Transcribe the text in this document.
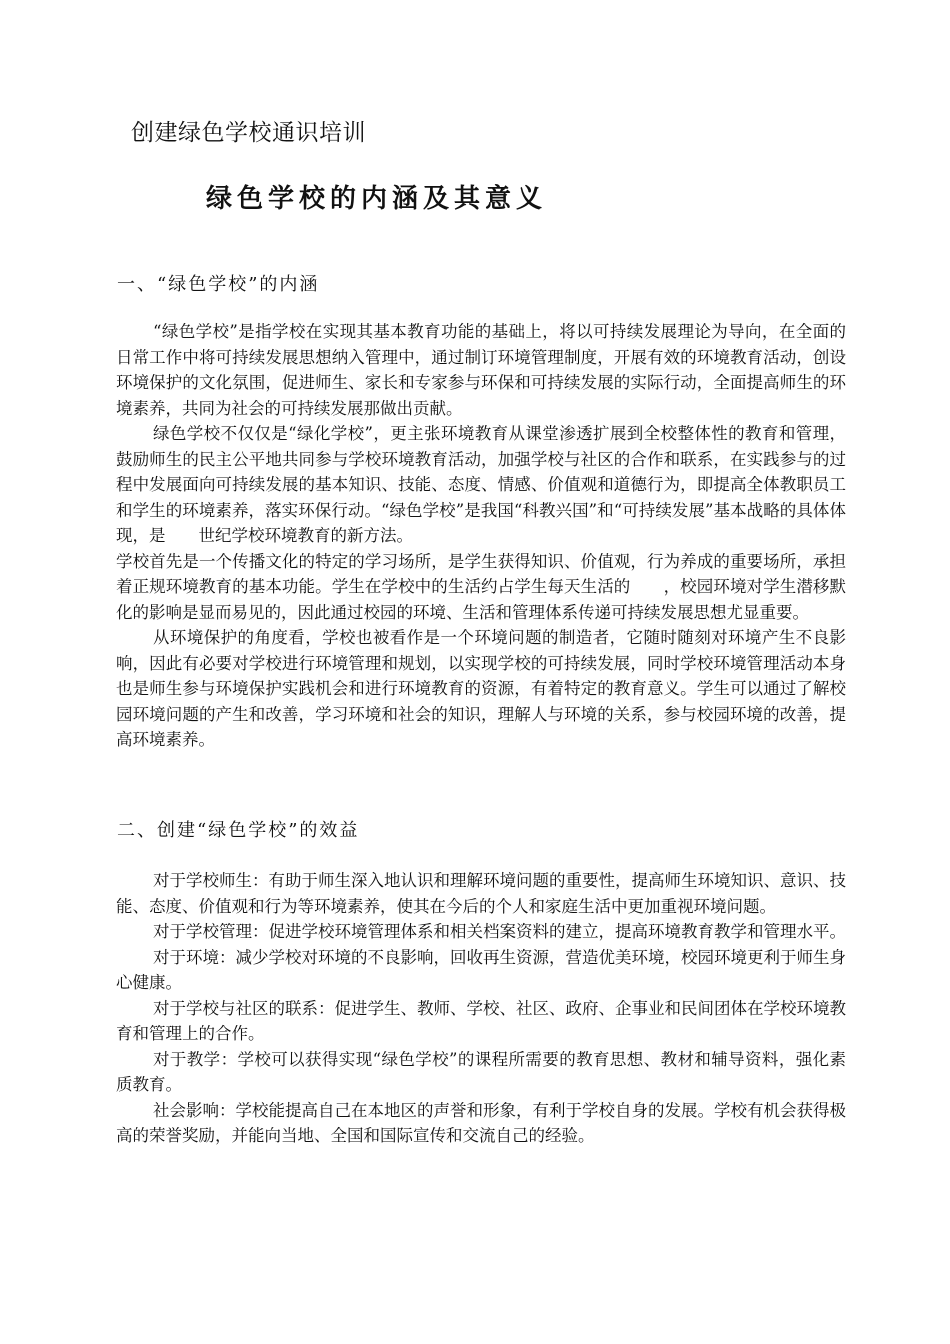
创建绿色学校通识培训
绿色学校的内涵及其意义
一、“绿色学校”的内涵

“绿色学校”是指学校在实现其基本教育功能的基础上，将以可持续发展理论为导向，在全面的日常工作中将可持续发展思想纳入管理中，通过制订环境管理制度，开展有效的环境教育活动，创设环境保护的文化氛围，促进师生、家长和专家参与环保和可持续发展的实际行动，全面提高师生的环境素养，共同为社会的可持续发展那做出贡献。

绿色学校不仅仅是“绿化学校”，更主张环境教育从课堂渗透扩展到全校整体性的教育和管理，鼓励师生的民主公平地共同参与学校环境教育活动，加强学校与社区的合作和联系，在实践参与的过程中发展面向可持续发展的基本知识、技能、态度、情感、价值观和道德行为，即提高全体教职员工和学生的环境素养，落实环保行动。“绿色学校”是我国“科教兴国”和“可持续发展”基本战略的具体体现，是　　世纪学校环境教育的新方法。

学校首先是一个传播文化的特定的学习场所，是学生获得知识、价值观，行为养成的重要场所，承担着正规环境教育的基本功能。学生在学校中的生活约占学生每天生活的　　，校园环境对学生潜移默化的影响是显而易见的，因此通过校园的环境、生活和管理体系传递可持续发展思想尤显重要。

从环境保护的角度看，学校也被看作是一个环境问题的制造者，它随时随刻对环境产生不良影响，因此有必要对学校进行环境管理和规划，以实现学校的可持续发展，同时学校环境管理活动本身也是师生参与环境保护实践机会和进行环境教育的资源，有着特定的教育意义。学生可以通过了解校园环境问题的产生和改善，学习环境和社会的知识，理解人与环境的关系，参与校园环境的改善，提高环境素养。

二、创建“绿色学校”的效益

对于学校师生：有助于师生深入地认识和理解环境问题的重要性，提高师生环境知识、意识、技能、态度、价值观和行为等环境素养，使其在今后的个人和家庭生活中更加重视环境问题。

对于学校管理：促进学校环境管理体系和相关档案资料的建立，提高环境教育教学和管理水平。

对于环境：减少学校对环境的不良影响，回收再生资源，营造优美环境，校园环境更利于师生身心健康。

对于学校与社区的联系：促进学生、教师、学校、社区、政府、企事业和民间团体在学校环境教育和管理上的合作。

对于教学：学校可以获得实现“绿色学校”的课程所需要的教育思想、教材和辅导资料，强化素质教育。

社会影响：学校能提高自己在本地区的声誉和形象，有利于学校自身的发展。学校有机会获得极高的荣誉奖励，并能向当地、全国和国际宣传和交流自己的经验。
